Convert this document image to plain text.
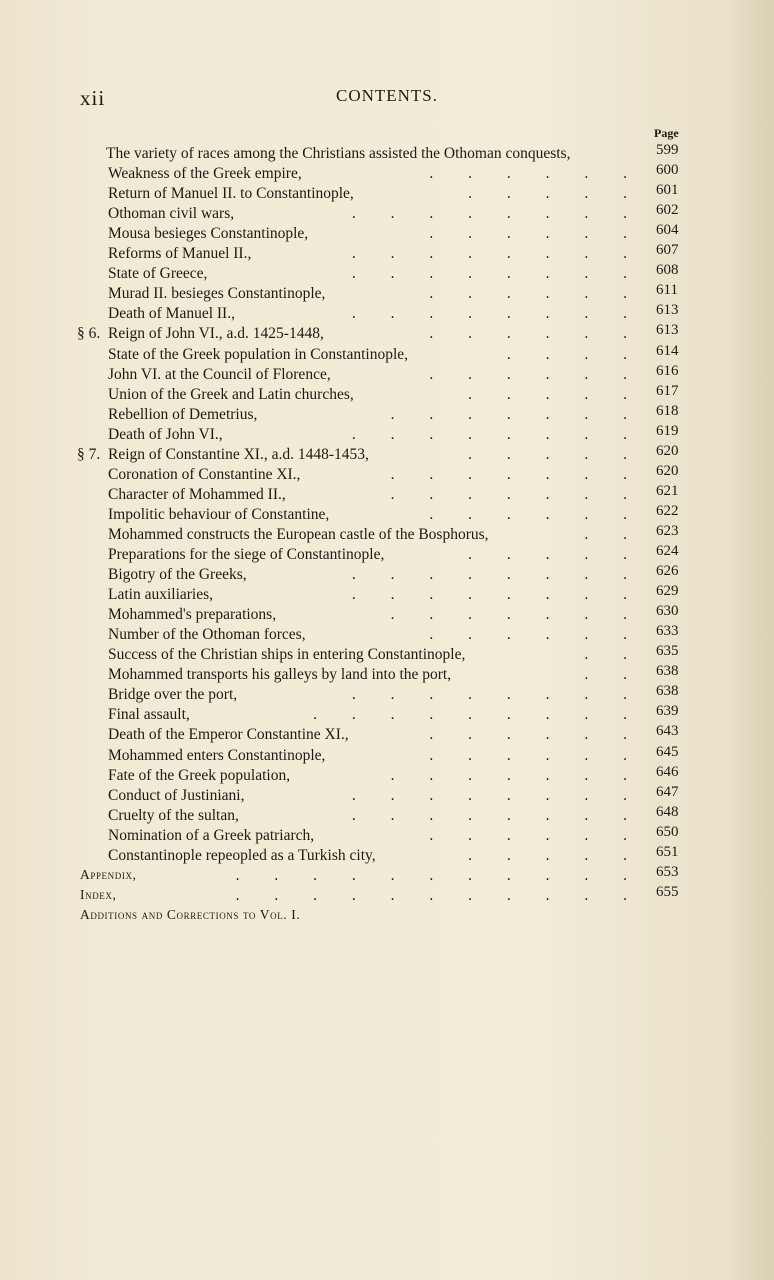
xii	CONTENTS.
Page
The variety of races among the Christians assisted the Othoman conquests,	599
Weakness of the Greek empire,	.         .         .         .         .         . 600
Return of Manuel II. to Constantinople,	.         .         .         .         . 601
Othoman civil wars,	.         .         .         .         .         .         .         . 602
Mousa besieges Constantinople,	.         .         .         .         .         . 604
Reforms of Manuel II.,	.         .         .         .         .         .         .         . 607
State of Greece,	.         .         .         .         .         .         .         . 608
Murad II. besieges Constantinople,	.         .         .         .         .         . 611
Death of Manuel II.,	.         .         .         .         .         .         .         . 613
§ 6. Reign of John VI., a.d. 1425-1448,	.         .         .         .         .         . 613
State of the Greek population in Constantinople,	.         .         .         . 614
John VI. at the Council of Florence,	.         .         .         .         .         . 616
Union of the Greek and Latin churches,	.         .         .         .         . 617
Rebellion of Demetrius,	.         .         .         .         .         .         . 618
Death of John VI.,	.         .         .         .         .         .         .         . 619
§ 7. Reign of Constantine XI., a.d. 1448-1453,	.         .         .         .         . 620
Coronation of Constantine XI.,	.         .         .         .         .         .         . 620
Character of Mohammed II.,	.         .         .         .         .         .         . 621
Impolitic behaviour of Constantine,	.         .         .         .         .         . 622
Mohammed constructs the European castle of the Bosphorus,	.         . 623
Preparations for the siege of Constantinople,	.         .         .         .         . 624
Bigotry of the Greeks,	.         .         .         .         .         .         .         . 626
Latin auxiliaries,	.         .         .         .         .         .         .         . 629
Mohammed's preparations,	.         .         .         .         .         .         . 630
Number of the Othoman forces,	.         .         .         .         .         . 633
Success of the Christian ships in entering Constantinople,	.         . 635
Mohammed transports his galleys by land into the port,	.         . 638
Bridge over the port,	.         .         .         .         .         .         .         . 638
Final assault,	.         .         .         .         .         .         .         .         . 639
Death of the Emperor Constantine XI.,	.         .         .         .         .         . 643
Mohammed enters Constantinople,	.         .         .         .         .         . 645
Fate of the Greek population,	.         .         .         .         .         .         . 646
Conduct of Justiniani,	.         .         .         .         .         .         .         . 647
Cruelty of the sultan,	.         .         .         .         .         .         .         . 648
Nomination of a Greek patriarch,	.         .         .         .         .         . 650
Constantinople repeopled as a Turkish city,	.         .         .         .         . 651
Appendix,	.         .         .         .         .         .         .         .         .         .         . 653
Index,	.         .         .         .         .         .         .         .         .         .         . 655
Additions and Corrections to Vol. I.
